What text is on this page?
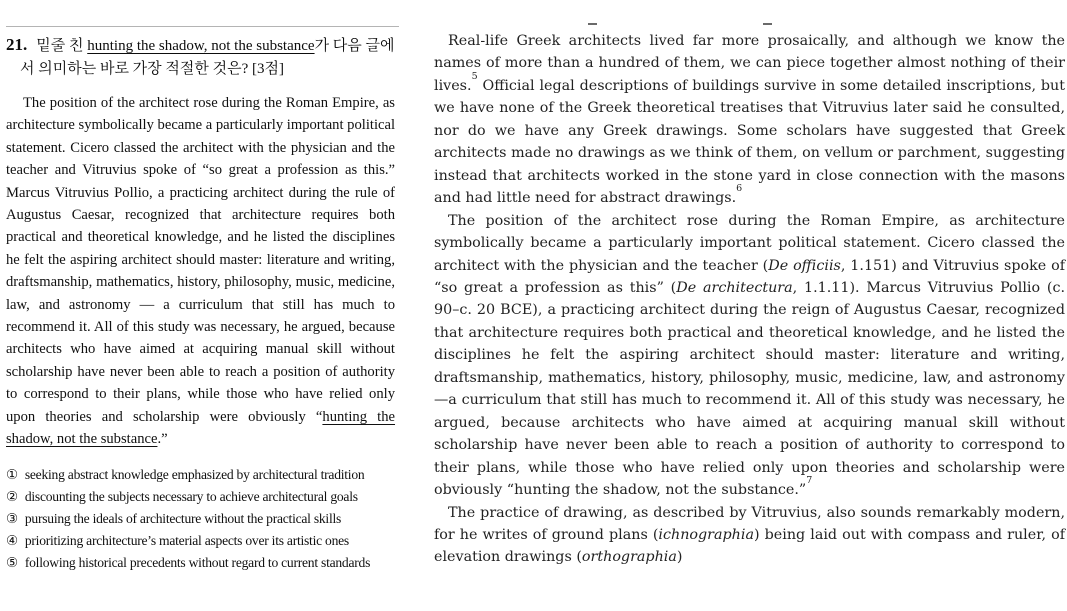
21. 밑줄 친 hunting the shadow, not the substance가 다음 글에서 의미하는 바로 가장 적절한 것은? [3점]

The position of the architect rose during the Roman Empire, as architecture symbolically became a particularly important political statement. Cicero classed the architect with the physician and the teacher and Vitruvius spoke of “so great a profession as this.” Marcus Vitruvius Pollio, a practicing architect during the rule of Augustus Caesar, recognized that architecture requires both practical and theoretical knowledge, and he listed the disciplines he felt the aspiring architect should master: literature and writing, draftsmanship, mathematics, history, philosophy, music, medicine, law, and astronomy — a curriculum that still has much to recommend it. All of this study was necessary, he argued, because architects who have aimed at acquiring manual skill without scholarship have never been able to reach a position of authority to correspond to their plans, while those who have relied only upon theories and scholarship were obviously “hunting the shadow, not the substance.”

① seeking abstract knowledge emphasized by architectural tradition
② discounting the subjects necessary to achieve architectural goals
③ pursuing the ideals of architecture without the practical skills
④ prioritizing architecture’s material aspects over its artistic ones
⑤ following historical precedents without regard to current standards

Real-life Greek architects lived far more prosaically, and although we know the names of more than a hundred of them, we can piece together almost nothing of their lives.$^5$ Official legal descriptions of buildings survive in some detailed inscriptions, but we have none of the Greek theoretical treatises that Vitruvius later said he consulted, nor do we have any Greek drawings. Some scholars have suggested that Greek architects made no drawings as we think of them, on vellum or parchment, suggesting instead that architects worked in the stone yard in close connection with the masons and had little need for abstract drawings.$^6$

The position of the architect rose during the Roman Empire, as architecture symbolically became a particularly important political statement. Cicero classed the architect with the physician and the teacher (De officiis, 1.151) and Vitruvius spoke of “so great a profession as this” (De architectura, 1.1.11). Marcus Vitruvius Pollio (c. 90–c. 20 BCE), a practicing architect during the reign of Augustus Caesar, recognized that architecture requires both practical and theoretical knowledge, and he listed the disciplines he felt the aspiring architect should master: literature and writing, draftsmanship, mathematics, history, philosophy, music, medicine, law, and astronomy—a curriculum that still has much to recommend it. All of this study was necessary, he argued, because architects who have aimed at acquiring manual skill without scholarship have never been able to reach a position of authority to correspond to their plans, while those who have relied only upon theories and scholarship were obviously “hunting the shadow, not the substance.”$^7$

The practice of drawing, as described by Vitruvius, also sounds remarkably modern, for he writes of ground plans (ichnographia) being laid out with compass and ruler, of elevation drawings (orthographia)
